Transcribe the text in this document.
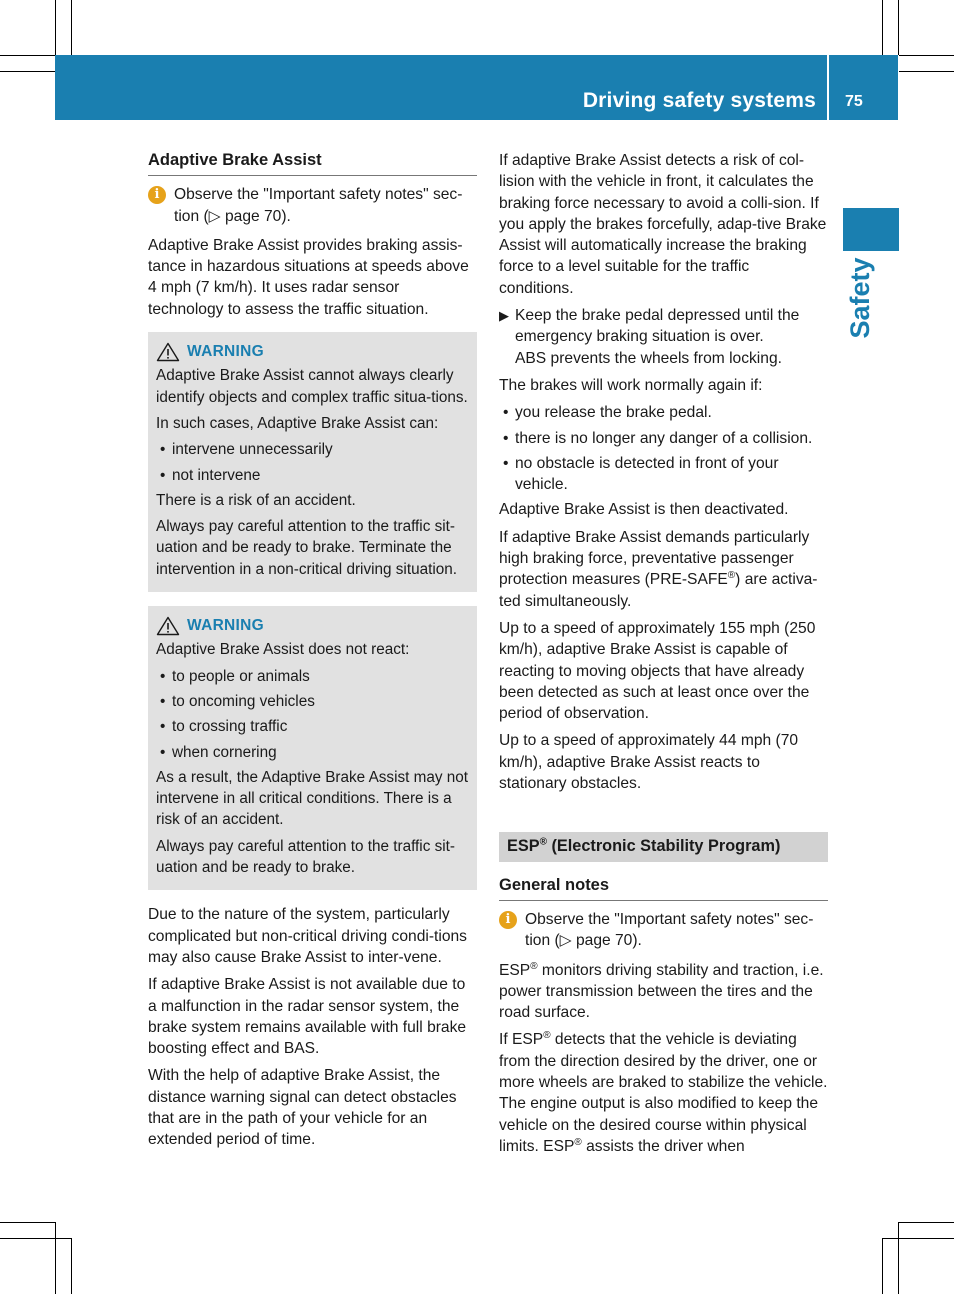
Driving safety systems 75
Safety
Adaptive Brake Assist
i Observe the "Important safety notes" sec-tion (▷ page 70).

Adaptive Brake Assist provides braking assis-tance in hazardous situations at speeds above 4 mph (7 km/h). It uses radar sensor technology to assess the traffic situation.

WARNING

Adaptive Brake Assist cannot always clearly identify objects and complex traffic situa-tions.

In such cases, Adaptive Brake Assist can:

• intervene unnecessarily
• not intervene

There is a risk of an accident.

Always pay careful attention to the traffic sit-uation and be ready to brake. Terminate the intervention in a non-critical driving situation.

WARNING

Adaptive Brake Assist does not react:

• to people or animals
• to oncoming vehicles
• to crossing traffic
• when cornering

As a result, the Adaptive Brake Assist may not intervene in all critical conditions. There is a risk of an accident.

Always pay careful attention to the traffic sit-uation and be ready to brake.

Due to the nature of the system, particularly complicated but non-critical driving condi-tions may also cause Brake Assist to inter-vene.

If adaptive Brake Assist is not available due to a malfunction in the radar sensor system, the brake system remains available with full brake boosting effect and BAS.

With the help of adaptive Brake Assist, the distance warning signal can detect obstacles that are in the path of your vehicle for an extended period of time.

If adaptive Brake Assist detects a risk of col-lision with the vehicle in front, it calculates the braking force necessary to avoid a colli-sion. If you apply the brakes forcefully, adap-tive Brake Assist will automatically increase the braking force to a level suitable for the traffic conditions.

▶ Keep the brake pedal depressed until the emergency braking situation is over.
ABS prevents the wheels from locking.

The brakes will work normally again if:

• you release the brake pedal.
• there is no longer any danger of a collision.
• no obstacle is detected in front of your vehicle.

Adaptive Brake Assist is then deactivated.

If adaptive Brake Assist demands particularly high braking force, preventative passenger protection measures (PRE-SAFE®) are activa-ted simultaneously.

Up to a speed of approximately 155 mph (250 km/h), adaptive Brake Assist is capable of reacting to moving objects that have already been detected as such at least once over the period of observation.

Up to a speed of approximately 44 mph (70 km/h), adaptive Brake Assist reacts to stationary obstacles.

ESP® (Electronic Stability Program)
General notes
i Observe the "Important safety notes" sec-tion (▷ page 70).

ESP® monitors driving stability and traction, i.e. power transmission between the tires and the road surface.

If ESP® detects that the vehicle is deviating from the direction desired by the driver, one or more wheels are braked to stabilize the vehicle. The engine output is also modified to keep the vehicle on the desired course within physical limits. ESP® assists the driver when
